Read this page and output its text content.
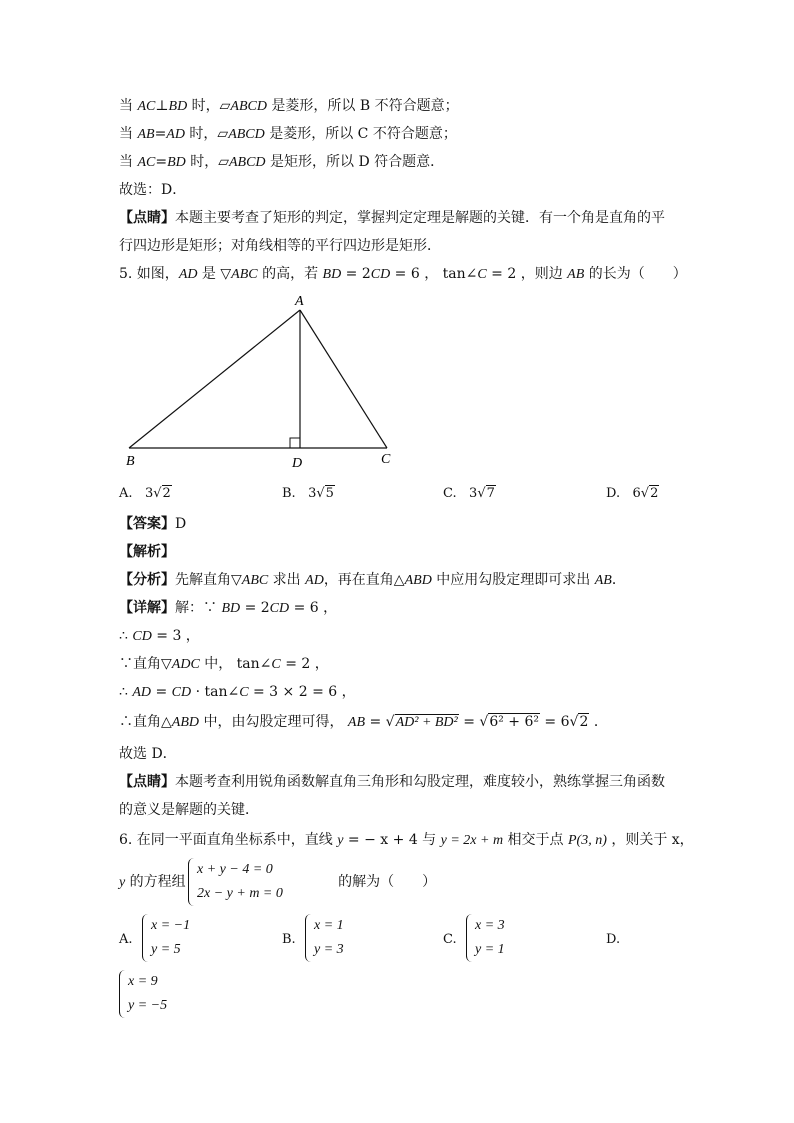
当 AC⊥BD 时，▱ABCD 是菱形，所以 B 不符合题意；
当 AB=AD 时，▱ABCD 是菱形，所以 C 不符合题意；
当 AC=BD 时，▱ABCD 是矩形，所以 D 符合题意．
故选：D．
【点睛】本题主要考查了矩形的判定，掌握判定定理是解题的关键．有一个角是直角的平
行四边形是矩形；对角线相等的平行四边形是矩形．
5. 如图，AD 是 ▽ABC 的高，若 BD = 2CD = 6 ， tan∠C = 2 ，则边 AB 的长为（　　）
A
B	D	C
A. 3√2	B. 3√5	C. 3√7	D. 6√2
【答案】D
【解析】
【分析】先解直角▽ABC 求出 AD，再在直角△ABD 中应用勾股定理即可求出 AB．
【详解】解：∵ BD = 2CD = 6 ，
∴ CD = 3 ，
∵直角▽ADC 中， tan∠C = 2 ，
∴ AD = CD · tan∠C = 3 × 2 = 6 ，
∴直角△ABD 中，由勾股定理可得， AB = √AD² + BD² = √6² + 6² = 6√2 ．
故选 D．
【点睛】本题考查利用锐角函数解直角三角形和勾股定理，难度较小，熟练掌握三角函数
的意义是解题的关键．
6. 在同一平面直角坐标系中，直线 y = − x + 4 与 y = 2x + m 相交于点 P(3, n) ，则关于 x，
y 的方程组	的解为（　　）
x + y − 4 = 0
2x − y + m = 0
A.
x = −1
y = 5
B.
x = 1
y = 3
C.
x = 3
y = 1
D.
x = 9
y = −5
